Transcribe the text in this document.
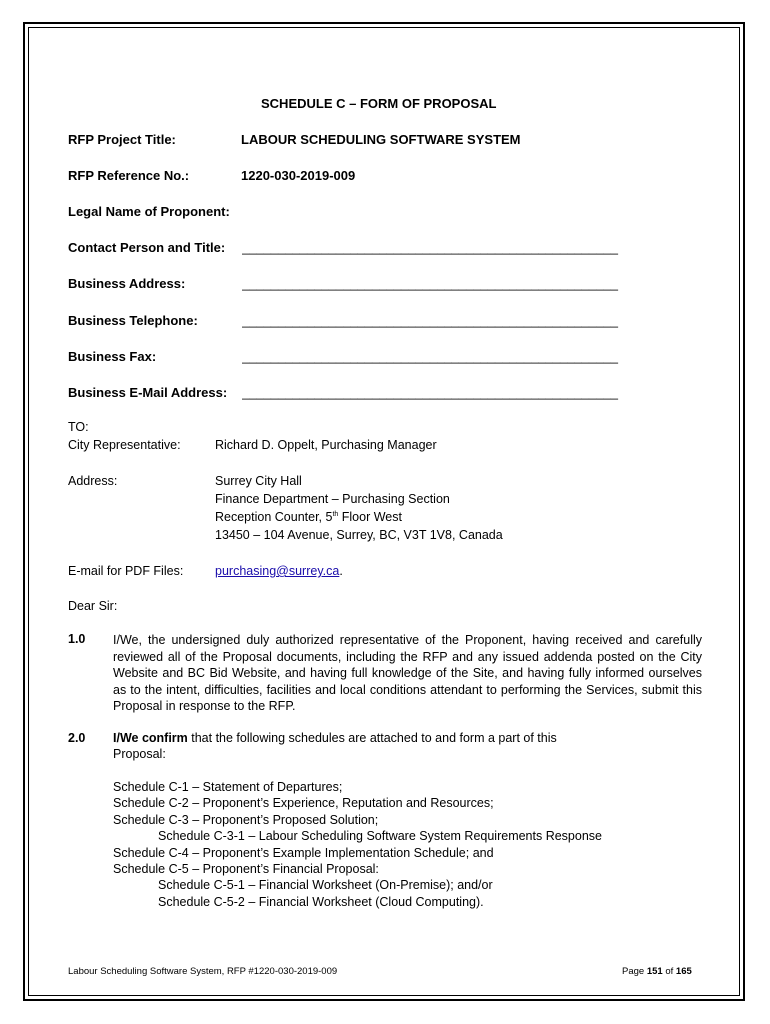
SCHEDULE C – FORM OF PROPOSAL
RFP Project Title:	LABOUR SCHEDULING SOFTWARE SYSTEM
RFP Reference No.:	1220-030-2019-009
Legal Name of Proponent:
Contact Person and Title: ____________________________________________________
Business Address:	____________________________________________________
Business Telephone:	____________________________________________________
Business Fax:	____________________________________________________
Business E-Mail Address: ____________________________________________________
TO:
City Representative:	Richard D. Oppelt, Purchasing Manager
Address:	Surrey City Hall
Finance Department – Purchasing Section
Reception Counter, 5th Floor West
13450 – 104 Avenue, Surrey, BC, V3T 1V8, Canada
E-mail for PDF Files:	purchasing@surrey.ca.
Dear Sir:
1.0 I/We, the undersigned duly authorized representative of the Proponent, having received and carefully reviewed all of the Proposal documents, including the RFP and any issued addenda posted on the City Website and BC Bid Website, and having full knowledge of the Site, and having fully informed ourselves as to the intent, difficulties, facilities and local conditions attendant to performing the Services, submit this Proposal in response to the RFP.
2.0 I/We confirm that the following schedules are attached to and form a part of this
Proposal:
Schedule C-1 – Statement of Departures;
Schedule C-2 – Proponent’s Experience, Reputation and Resources;
Schedule C-3 – Proponent’s Proposed Solution;
Schedule C-3-1 – Labour Scheduling Software System Requirements Response
Schedule C-4 – Proponent’s Example Implementation Schedule; and
Schedule C-5 – Proponent’s Financial Proposal:
Schedule C-5-1 – Financial Worksheet (On-Premise); and/or
Schedule C-5-2 – Financial Worksheet (Cloud Computing).
Labour Scheduling Software System, RFP #1220-030-2019-009	Page 151 of 165
